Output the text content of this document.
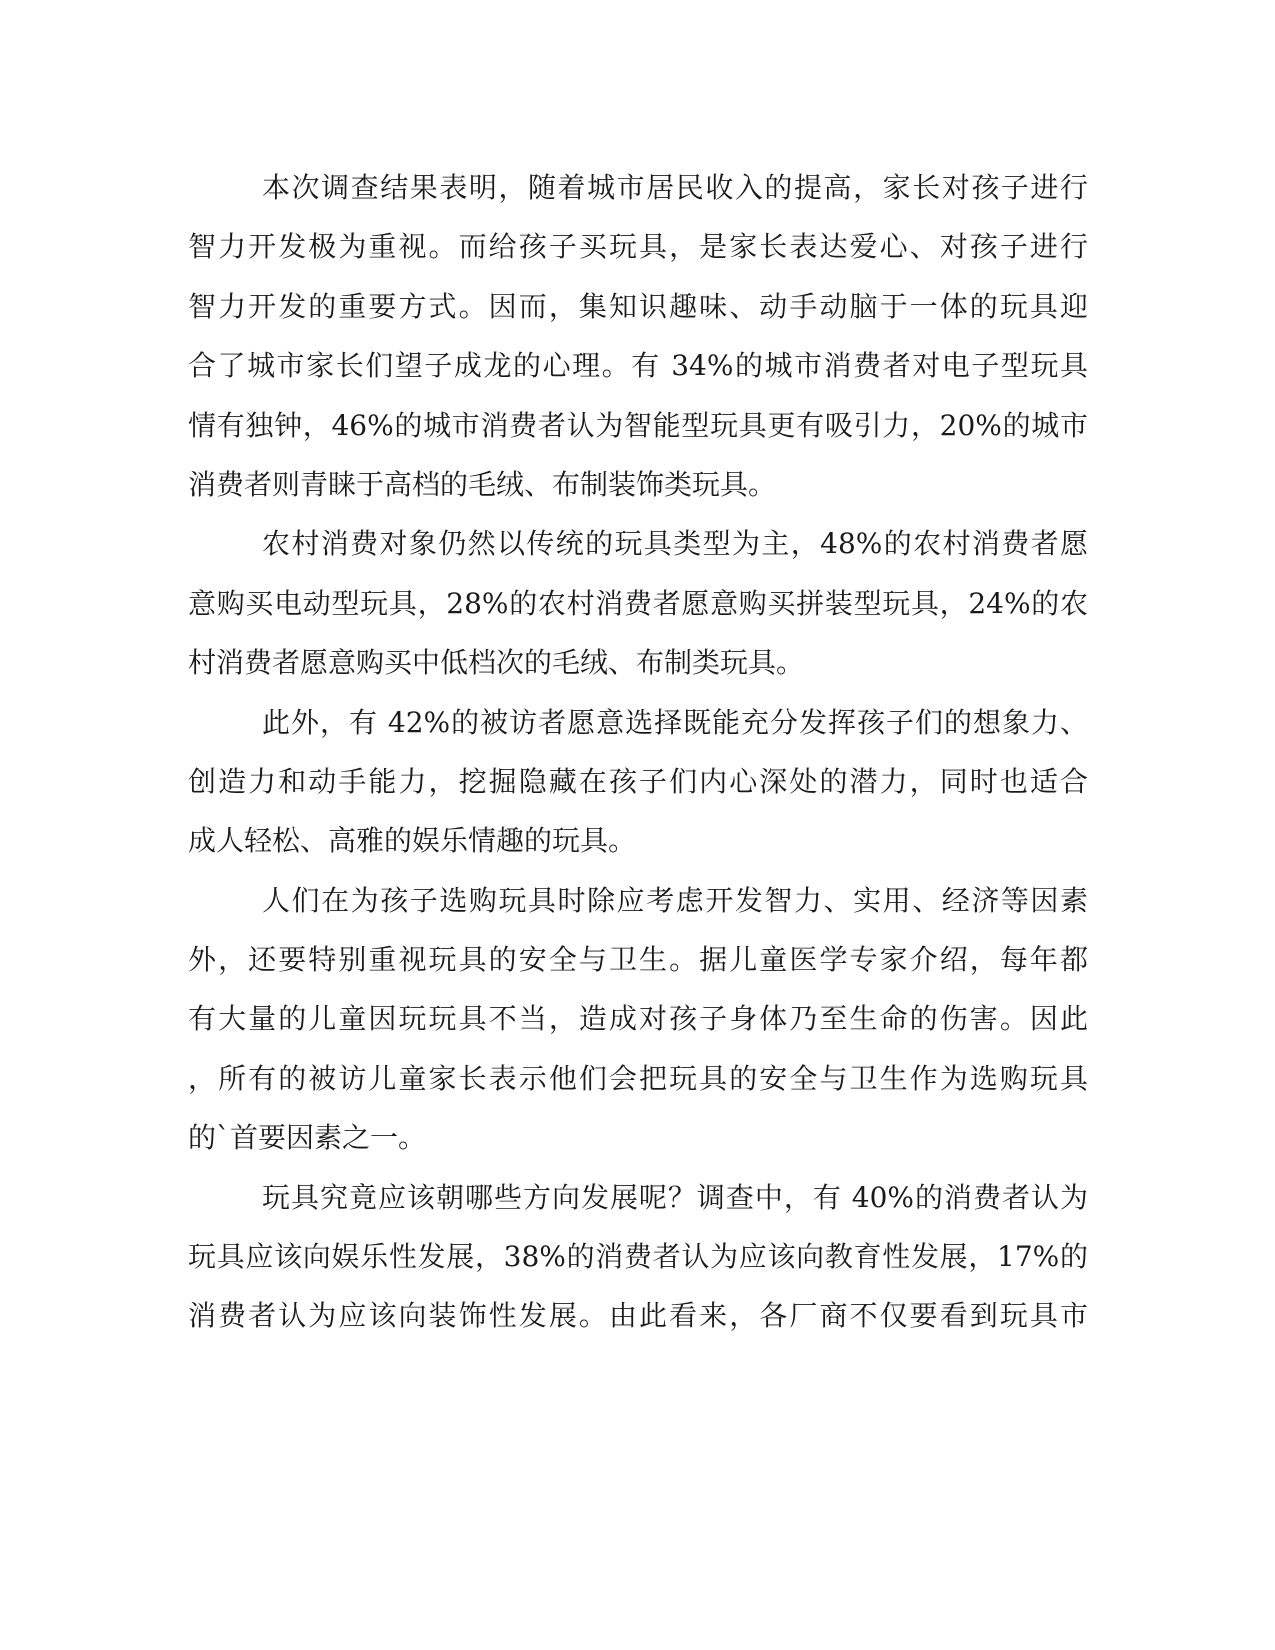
本次调查结果表明，随着城市居民收入的提高，家长对孩子进行
智力开发极为重视。而给孩子买玩具，是家长表达爱心、对孩子进行
智力开发的重要方式。因而，集知识趣味、动手动脑于一体的玩具迎
合了城市家长们望子成龙的心理。有 34%的城市消费者对电子型玩具
情有独钟，46%的城市消费者认为智能型玩具更有吸引力，20%的城市
消费者则青睐于高档的毛绒、布制装饰类玩具。
农村消费对象仍然以传统的玩具类型为主，48%的农村消费者愿
意购买电动型玩具，28%的农村消费者愿意购买拼装型玩具，24%的农
村消费者愿意购买中低档次的毛绒、布制类玩具。
此外，有 42%的被访者愿意选择既能充分发挥孩子们的想象力、
创造力和动手能力，挖掘隐藏在孩子们内心深处的潜力，同时也适合
成人轻松、高雅的娱乐情趣的玩具。
人们在为孩子选购玩具时除应考虑开发智力、实用、经济等因素
外，还要特别重视玩具的安全与卫生。据儿童医学专家介绍，每年都
有大量的儿童因玩玩具不当，造成对孩子身体乃至生命的伤害。因此
，所有的被访儿童家长表示他们会把玩具的安全与卫生作为选购玩具
的`首要因素之一。
玩具究竟应该朝哪些方向发展呢？调查中，有 40%的消费者认为
玩具应该向娱乐性发展，38%的消费者认为应该向教育性发展，17%的
消费者认为应该向装饰性发展。由此看来，各厂商不仅要看到玩具市
